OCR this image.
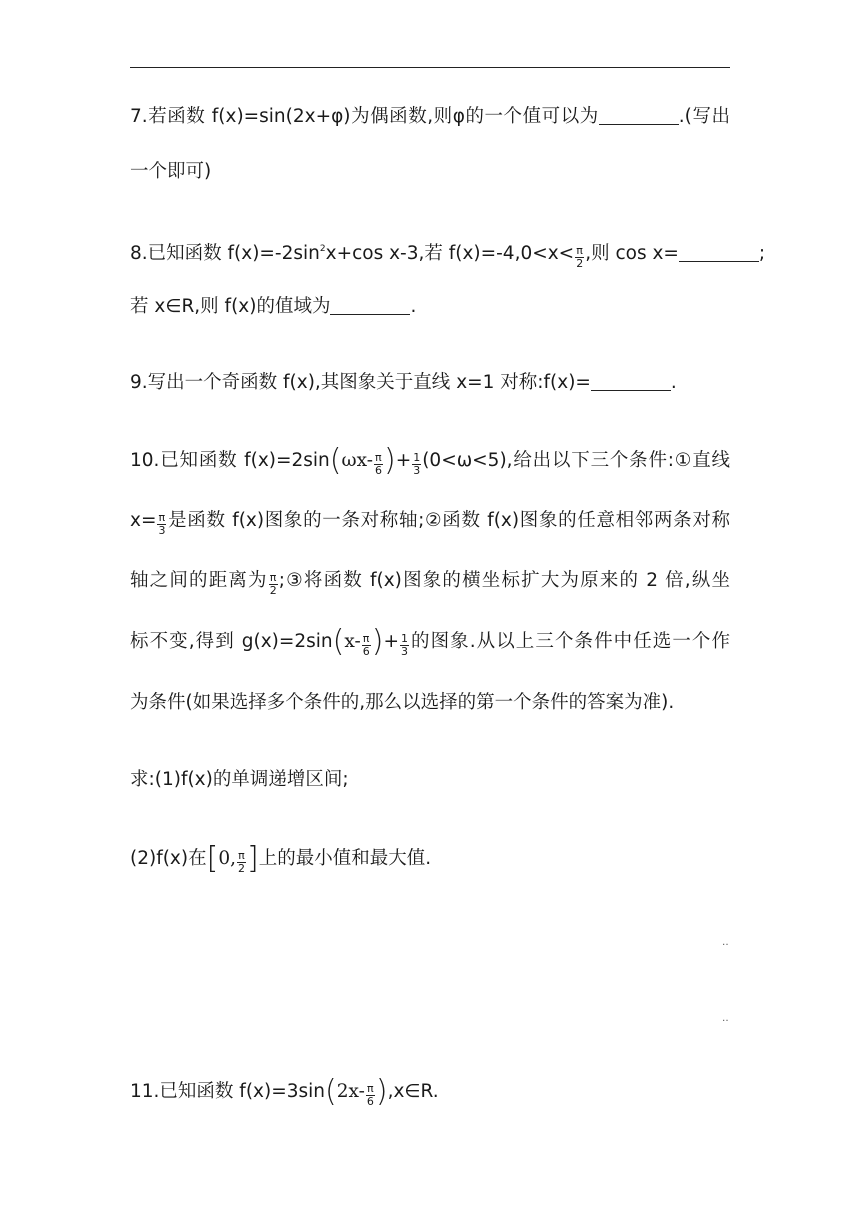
7.若函数 f(x)=sin(2x+φ)为偶函数,则φ的一个值可以为	.(写出
一个即可)
8.已知函数 $f(x)=-2\sin^2x+\cos$ x-3,若 $f(x)=-4,0<x< \frac{\pi}{2}$ ,则 cos x=	;
若 x∈R,则 f(x)的值域为	.
9.写出一个奇函数 f(x),其图象关于直线 x=1 对称:f(x)=	.
10.已知函数 $f(x)=2\sin(\omega x- \frac{\pi}{6}$ )+ $\frac{1}{3} (0<\omega<5)$,给出以下三个条件:①直线
$x= \frac{\pi}{3}$ 是函数 f(x)图象的一条对称轴;②函数 f(x)图象的任意相邻两条对称
轴之间的距离为 $\frac{\pi}{2}$ ;③将函数 f(x)图象的横坐标扩大为原来的 2 倍,纵坐
标不变,得到 $g(x)=2\sin(x- \frac{\pi}{6}$ )+ $\frac{1}{3}$ 的图象.从以上三个条件中任选一个作
为条件(如果选择多个条件的,那么以选择的第一个条件的答案为准).
求:(1)f(x)的单调递增区间;
(2)f(x)在[0, $\frac{\pi}{2}$ ]上的最小值和最大值.
‥
‥
11.已知函数 $f(x)=3\sin(2x- \frac{\pi}{6}$ ),x∈R.
